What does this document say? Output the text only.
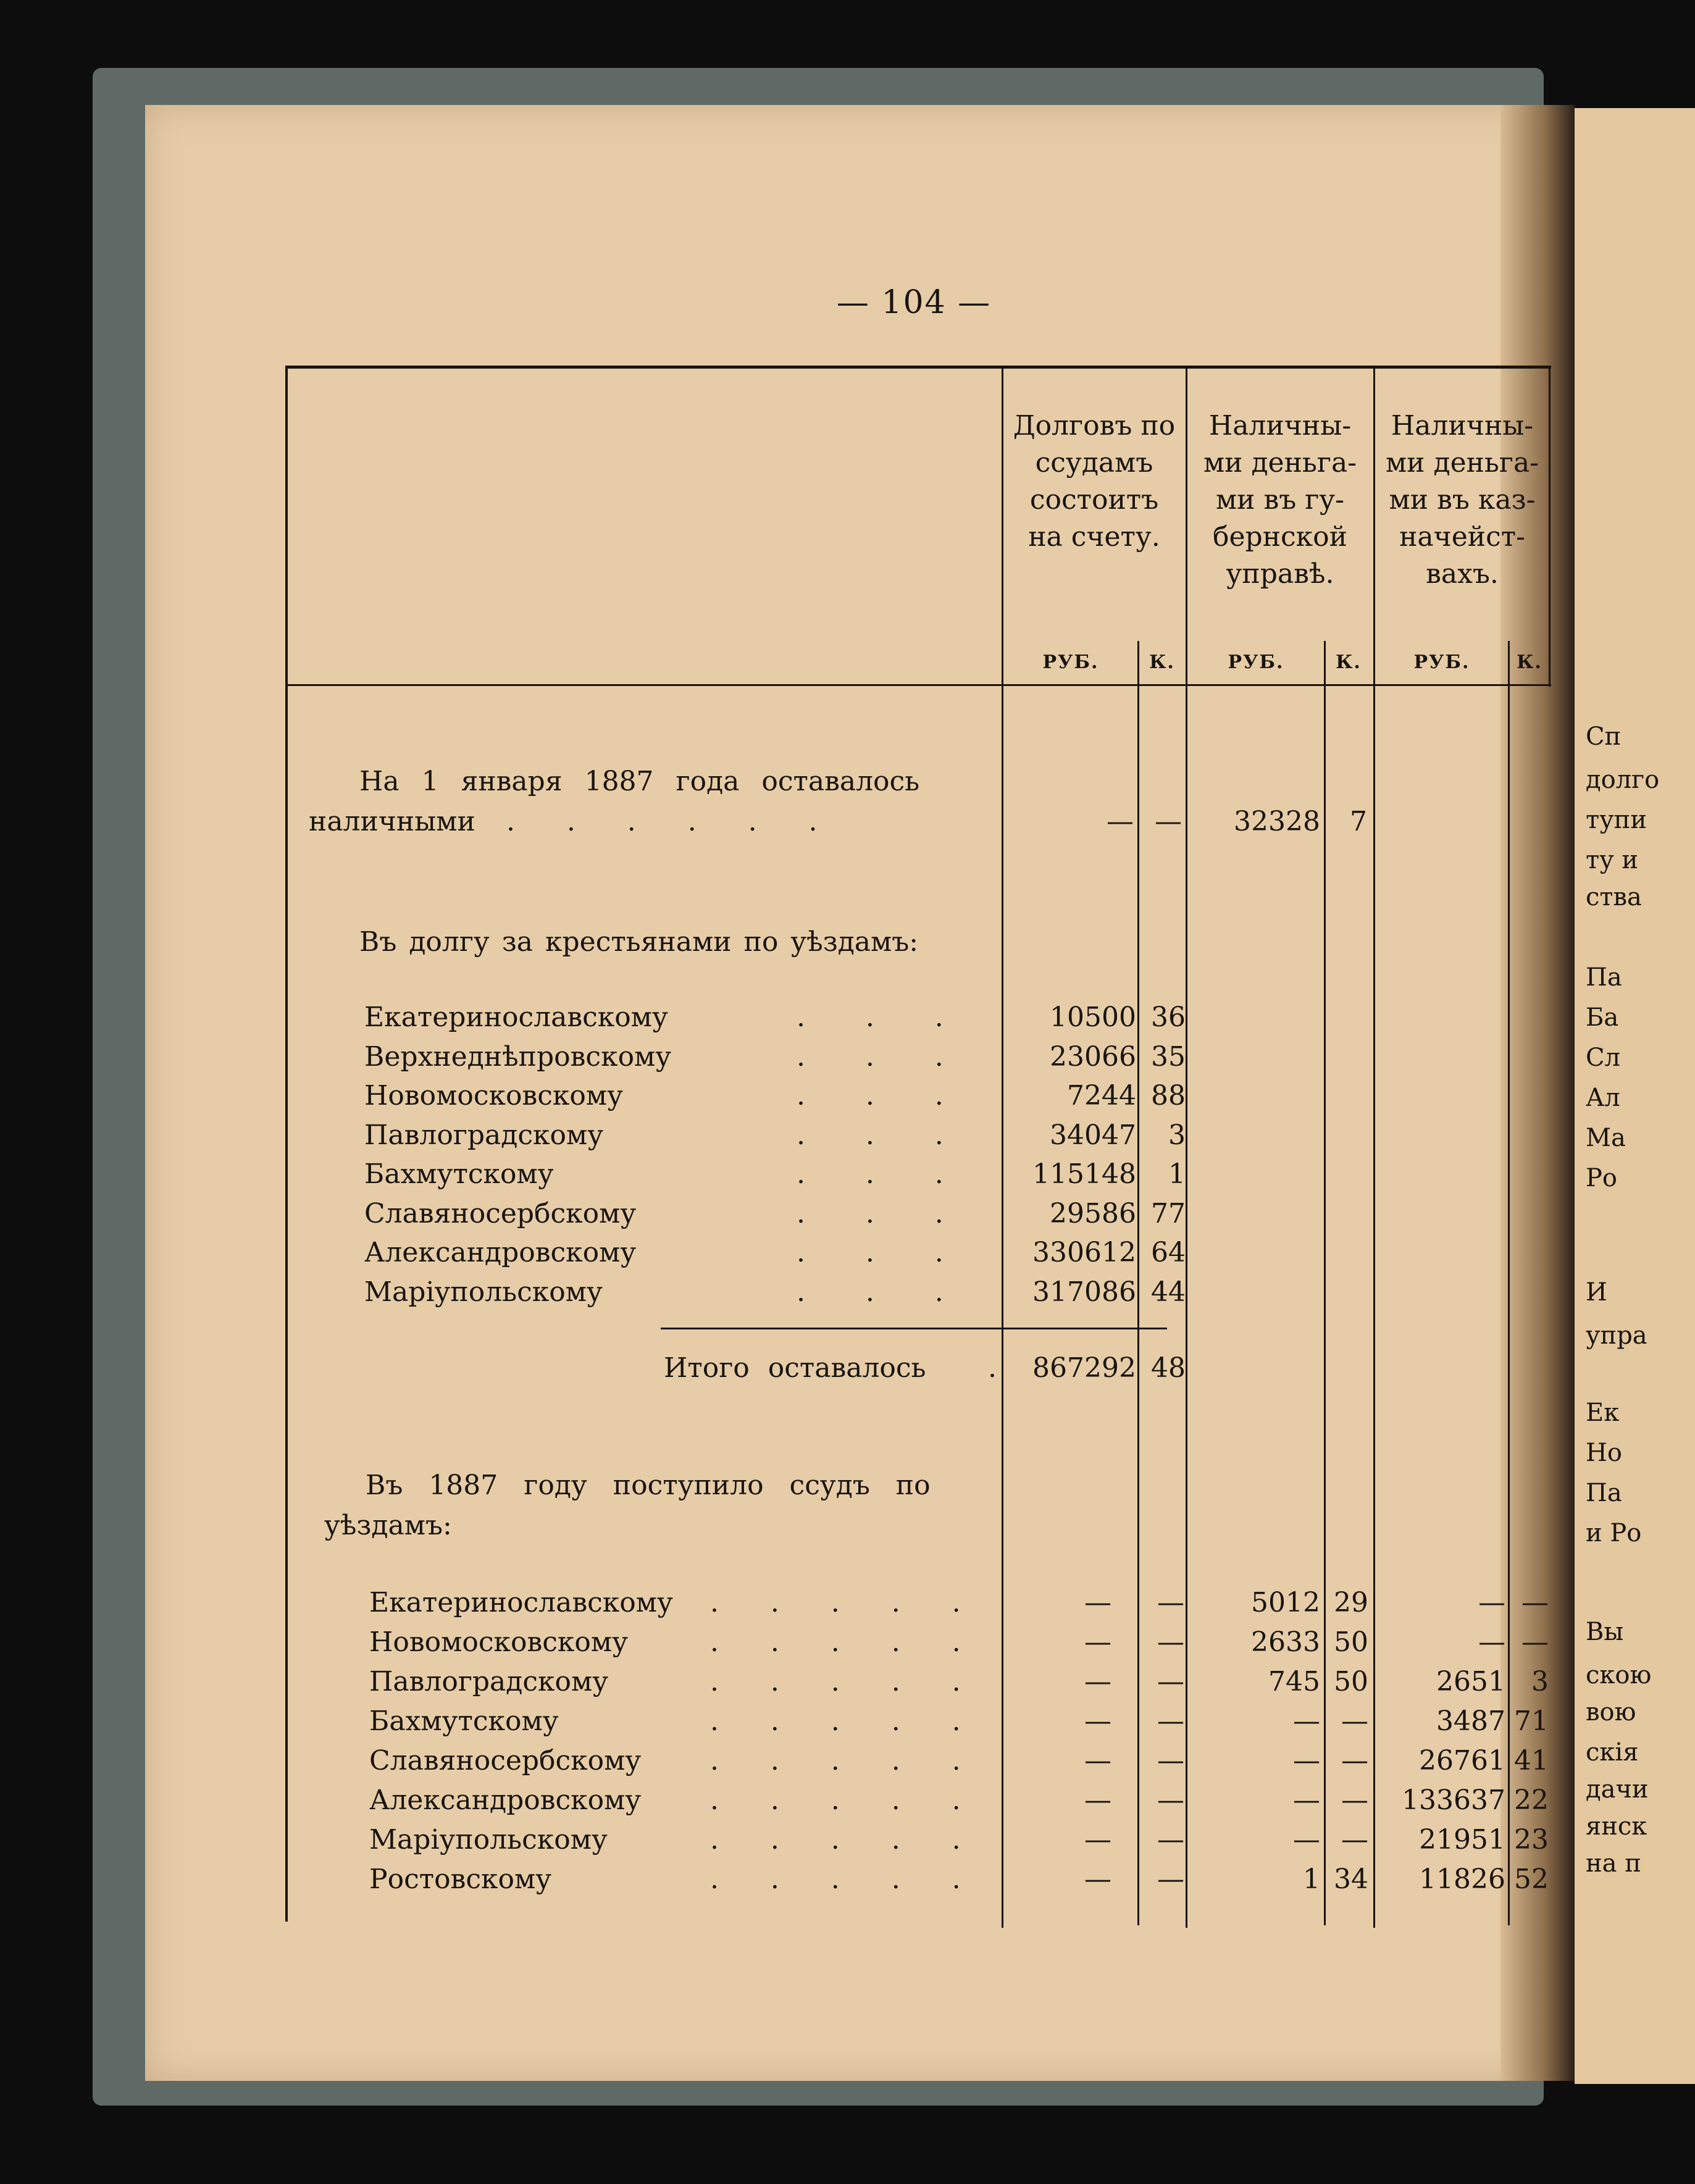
— 104 —
Долговъ по
ссудамъ
состоитъ
на счету.
Наличны-
ми деньга-
ми въ гу-
бернской
управѣ.
Наличны-
ми деньга-
ми въ каз-
начейст-
вахъ.
РУБ.	К.	РУБ.	К.	РУБ.	К.
На 1 января 1887 года оставалось
наличными .      .      .      .      .      .	— —	32328	7
Въ долгу за крестьянами по уѣздамъ:
Екатеринославскому	.       .       .	10500 36
Верхнеднѣпровскому	.       .       .	23066 35
Новомосковскому	.       .       .	7244 88
Павлоградскому	.       .       .	34047	3
Бахмутскому	.       .       .	115148	1
Славяносербскому	.       .       .	29586 77
Александровскому	.       .       .	330612 64
Маріупольскому	.       .       .	317086 44
Итого оставалось .	867292 48
Въ 1887 году поступило ссудъ по
уѣздамъ:
Екатеринославскому .      .      .      .      .	—	—	5012 29	— —
Новомосковскому	.      .      .      .      .	—	—	2633 50	— —
Павлоградскому	.      .      .      .      .	—	—	745 50	2651 3
Бахмутскому	.      .      .      .      .	—	—	— —	3487 71
Славяносербскому	.      .      .      .      .	—	—	— —	26761 41
Александровскому	.      .      .      .      .	—	—	— —	133637 22
Маріупольскому	.      .      .      .      .	—	—	— —	21951 23
Ростовскому	.      .      .      .      .	—	—	1 34	11826 52
Сп
долго
тупи
ту и
ства
Па
Ба
Сл
Ал
Ма
Ро
И
упра
Ек
Но
Па
и Ро
Вы
скою
вою
скія
дачи
янск
на п
